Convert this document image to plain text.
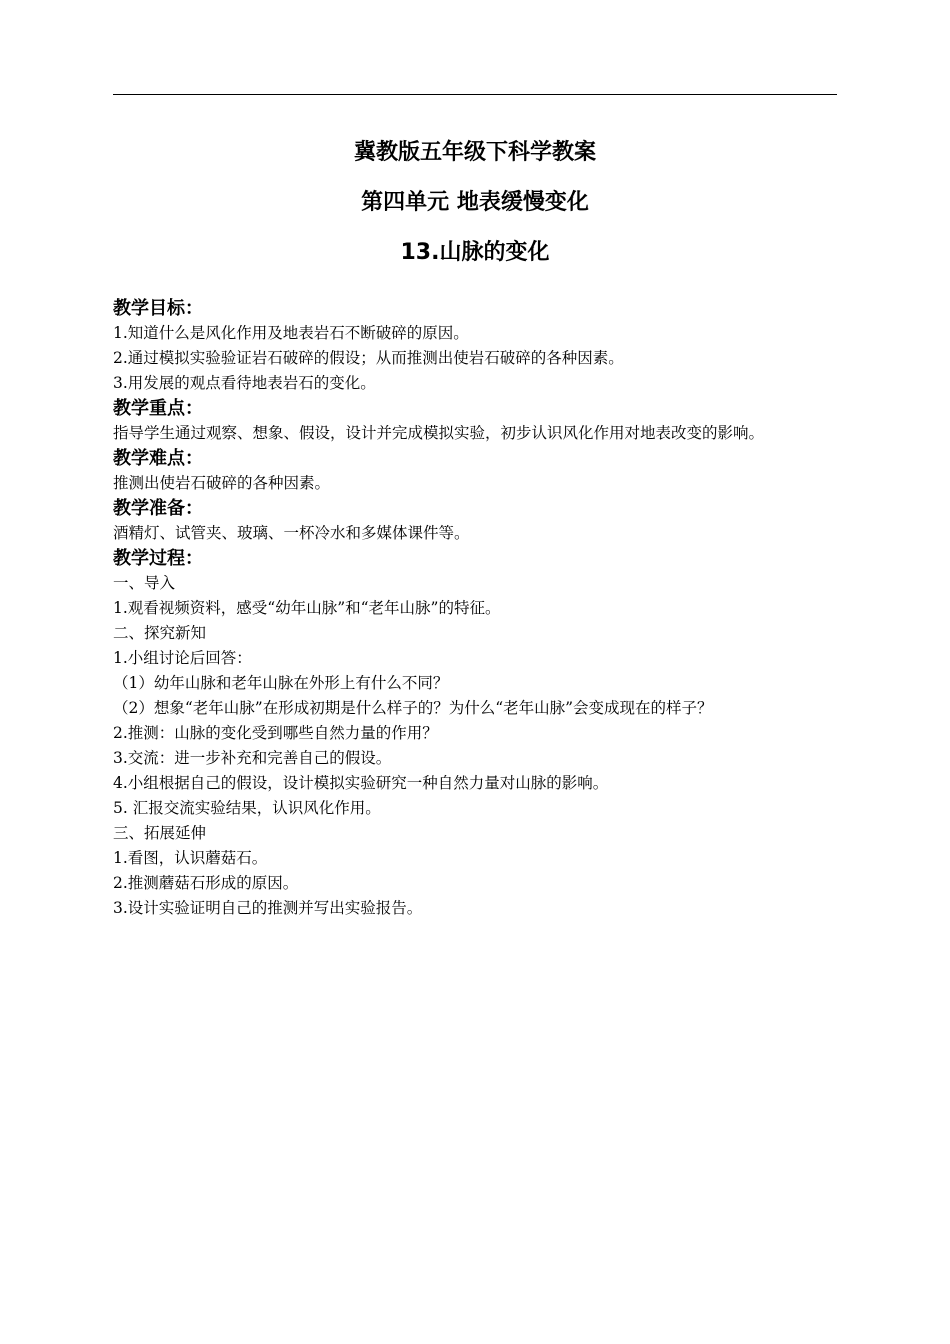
冀教版五年级下科学教案
第四单元 地表缓慢变化
13.山脉的变化
教学目标：
1.知道什么是风化作用及地表岩石不断破碎的原因。
2.通过模拟实验验证岩石破碎的假设；从而推测出使岩石破碎的各种因素。
3.用发展的观点看待地表岩石的变化。
教学重点：
指导学生通过观察、想象、假设，设计并完成模拟实验，初步认识风化作用对地表改变的影响。
教学难点：
推测出使岩石破碎的各种因素。
教学准备：
酒精灯、试管夹、玻璃、一杯冷水和多媒体课件等。
教学过程：
一、导入
1.观看视频资料，感受“幼年山脉”和“老年山脉”的特征。
二、探究新知
1.小组讨论后回答：
（1）幼年山脉和老年山脉在外形上有什么不同？
（2）想象“老年山脉”在形成初期是什么样子的？为什么“老年山脉”会变成现在的样子？
2.推测：山脉的变化受到哪些自然力量的作用？
3.交流：进一步补充和完善自己的假设。
4.小组根据自己的假设，设计模拟实验研究一种自然力量对山脉的影响。
5. 汇报交流实验结果，认识风化作用。
三、拓展延伸
1.看图，认识蘑菇石。
2.推测蘑菇石形成的原因。
3.设计实验证明自己的推测并写出实验报告。
